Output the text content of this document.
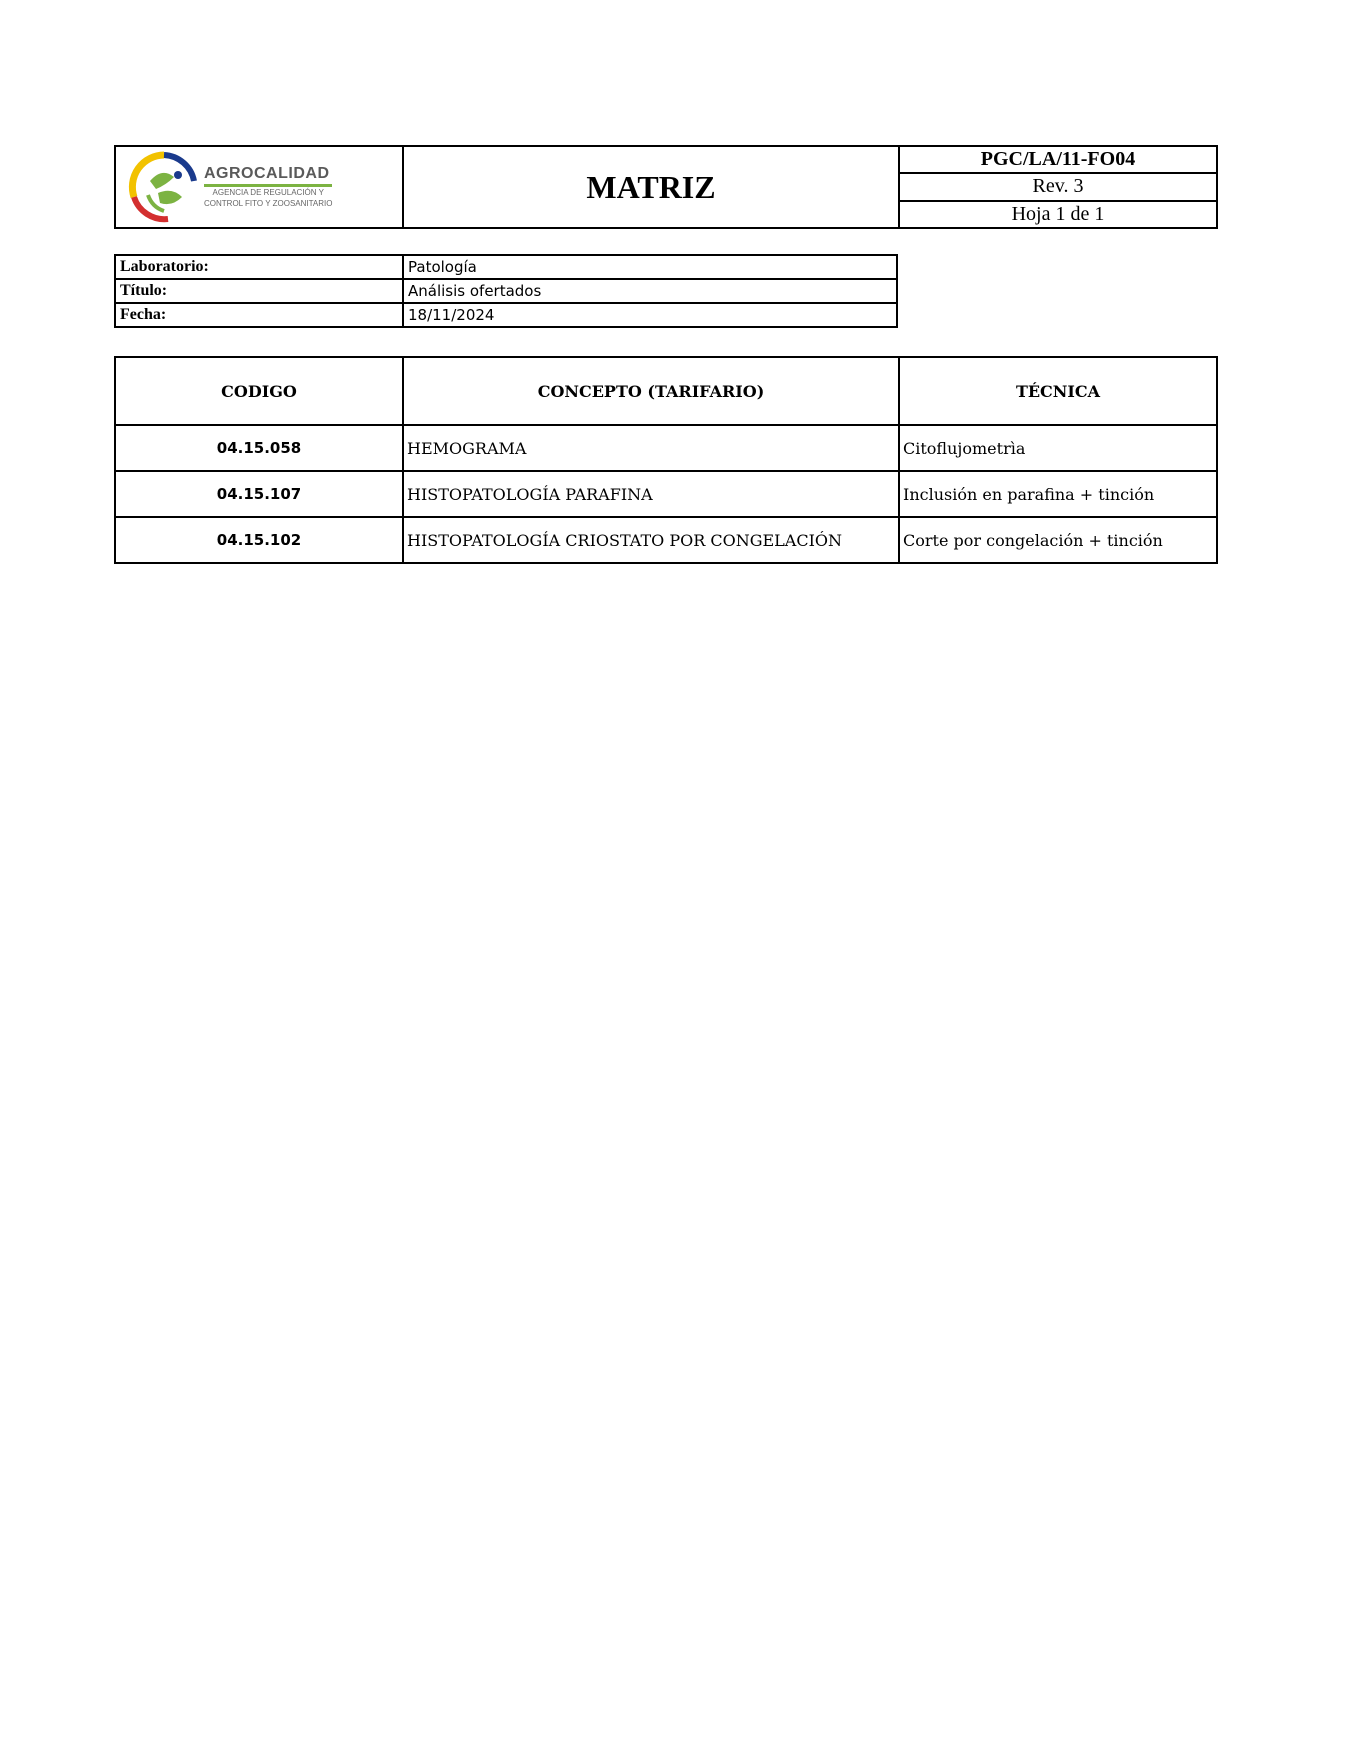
AGROCALIDAD
AGENCIA DE REGULACIÓN Y
CONTROL FITO Y ZOOSANITARIO	MATRIZ
PGC/LA/11-FO04
Rev. 3
Hoja 1 de 1
Laboratorio:	Patología
Título:	Análisis ofertados
Fecha:	18/11/2024
CODIGO	CONCEPTO (TARIFARIO)	TÉCNICA
04.15.058	HEMOGRAMA	Citoflujometrìa
04.15.107	HISTOPATOLOGÍA PARAFINA	Inclusión en parafina + tinción
04.15.102	HISTOPATOLOGÍA CRIOSTATO POR CONGELACIÓN	Corte por congelación + tinción
